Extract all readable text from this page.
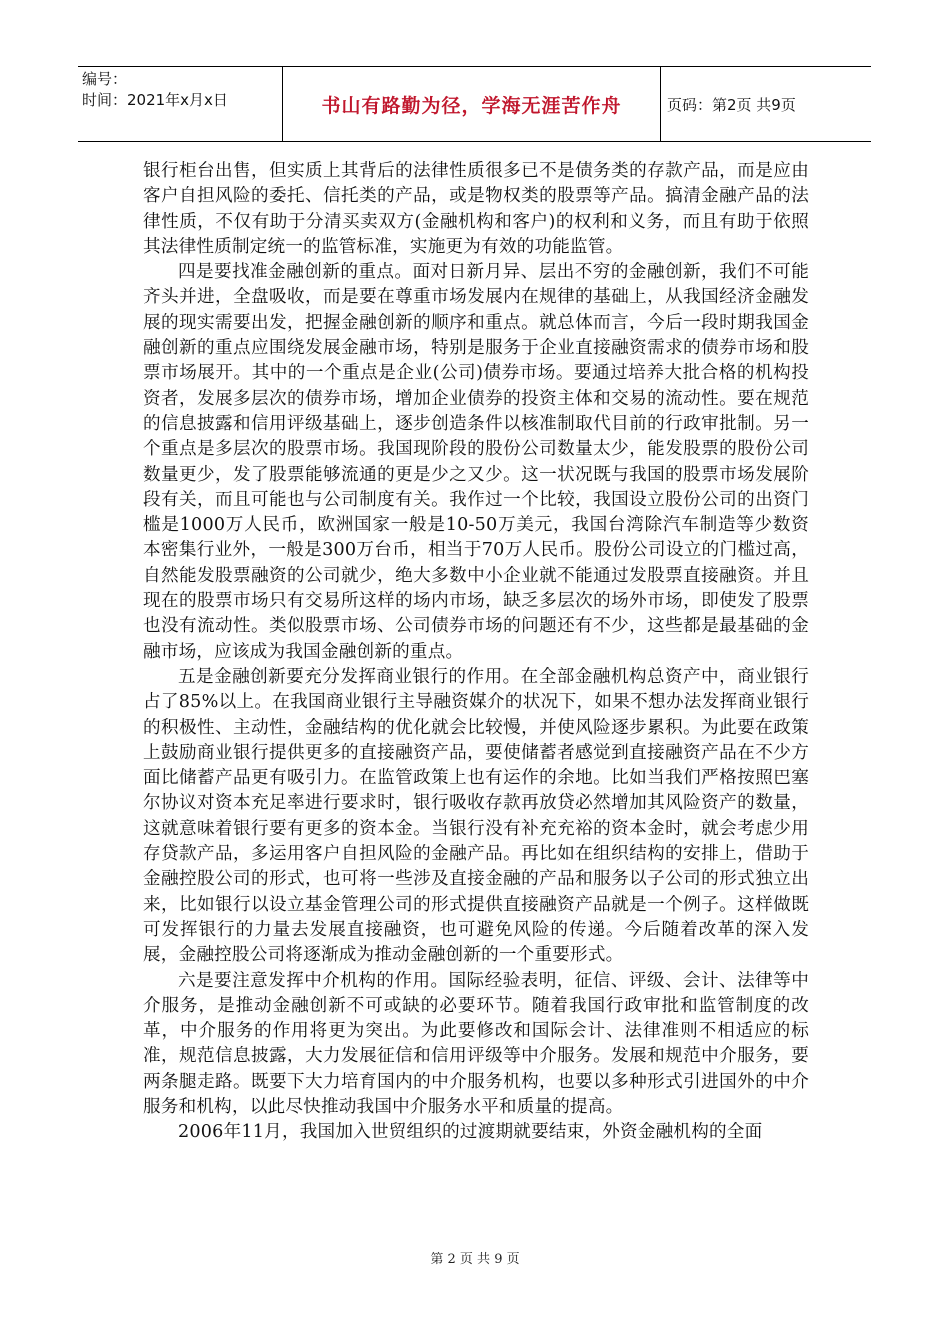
编号：
时间：2021年x月x日	书山有路勤为径，学海无涯苦作舟	页码：第2页 共9页

银行柜台出售，但实质上其背后的法律性质很多已不是债务类的存款产品，而是应由客户自担风险的委托、信托类的产品，或是物权类的股票等产品。搞清金融产品的法律性质，不仅有助于分清买卖双方(金融机构和客户)的权利和义务，而且有助于依照其法律性质制定统一的监管标准，实施更为有效的功能监管。

四是要找准金融创新的重点。面对日新月异、层出不穷的金融创新，我们不可能齐头并进，全盘吸收，而是要在尊重市场发展内在规律的基础上，从我国经济金融发展的现实需要出发，把握金融创新的顺序和重点。就总体而言，今后一段时期我国金融创新的重点应围绕发展金融市场，特别是服务于企业直接融资需求的债券市场和股票市场展开。其中的一个重点是企业(公司)债券市场。要通过培养大批合格的机构投资者，发展多层次的债券市场，增加企业债券的投资主体和交易的流动性。要在规范的信息披露和信用评级基础上，逐步创造条件以核准制取代目前的行政审批制。另一个重点是多层次的股票市场。我国现阶段的股份公司数量太少，能发股票的股份公司数量更少，发了股票能够流通的更是少之又少。这一状况既与我国的股票市场发展阶段有关，而且可能也与公司制度有关。我作过一个比较，我国设立股份公司的出资门槛是1000万人民币，欧洲国家一般是10-50万美元，我国台湾除汽车制造等少数资本密集行业外，一般是300万台币，相当于70万人民币。股份公司设立的门槛过高，自然能发股票融资的公司就少，绝大多数中小企业就不能通过发股票直接融资。并且现在的股票市场只有交易所这样的场内市场，缺乏多层次的场外市场，即使发了股票也没有流动性。类似股票市场、公司债券市场的问题还有不少，这些都是最基础的金融市场，应该成为我国金融创新的重点。

五是金融创新要充分发挥商业银行的作用。在全部金融机构总资产中，商业银行占了85%以上。在我国商业银行主导融资媒介的状况下，如果不想办法发挥商业银行的积极性、主动性，金融结构的优化就会比较慢，并使风险逐步累积。为此要在政策上鼓励商业银行提供更多的直接融资产品，要使储蓄者感觉到直接融资产品在不少方面比储蓄产品更有吸引力。在监管政策上也有运作的余地。比如当我们严格按照巴塞尔协议对资本充足率进行要求时，银行吸收存款再放贷必然增加其风险资产的数量，这就意味着银行要有更多的资本金。当银行没有补充充裕的资本金时，就会考虑少用存贷款产品，多运用客户自担风险的金融产品。再比如在组织结构的安排上，借助于金融控股公司的形式，也可将一些涉及直接金融的产品和服务以子公司的形式独立出来，比如银行以设立基金管理公司的形式提供直接融资产品就是一个例子。这样做既可发挥银行的力量去发展直接融资，也可避免风险的传递。今后随着改革的深入发展，金融控股公司将逐渐成为推动金融创新的一个重要形式。

六是要注意发挥中介机构的作用。国际经验表明，征信、评级、会计、法律等中介服务，是推动金融创新不可或缺的必要环节。随着我国行政审批和监管制度的改革，中介服务的作用将更为突出。为此要修改和国际会计、法律准则不相适应的标准，规范信息披露，大力发展征信和信用评级等中介服务。发展和规范中介服务，要两条腿走路。既要下大力培育国内的中介服务机构，也要以多种形式引进国外的中介服务和机构，以此尽快推动我国中介服务水平和质量的提高。

2006年11月，我国加入世贸组织的过渡期就要结束，外资金融机构的全面

第 2 页 共 9 页
